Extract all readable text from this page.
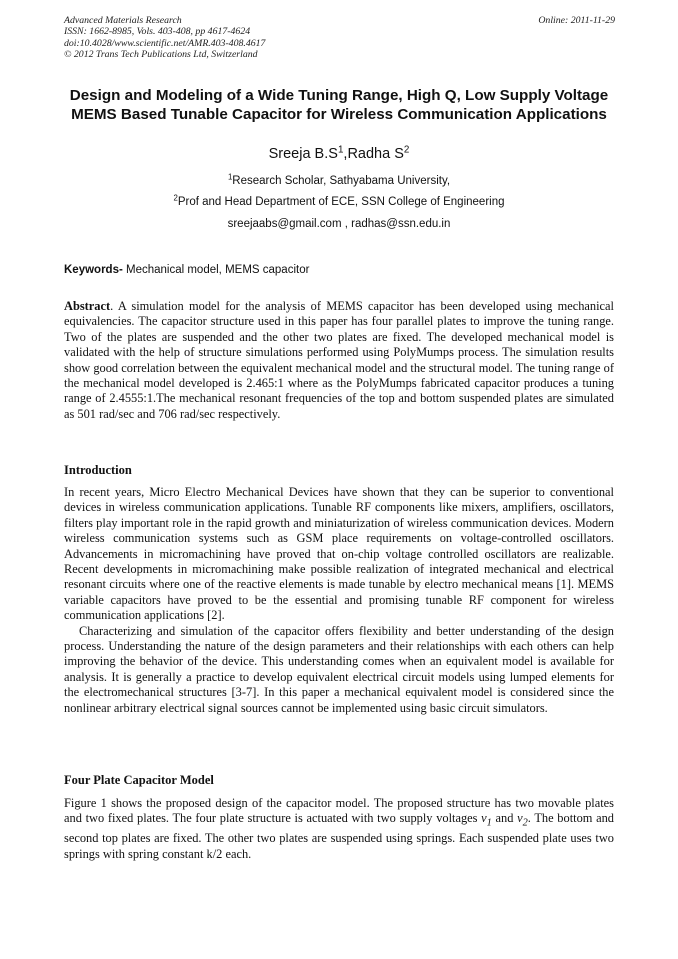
Advanced Materials Research
ISSN: 1662-8985, Vols. 403-408, pp 4617-4624
doi:10.4028/www.scientific.net/AMR.403-408.4617
© 2012 Trans Tech Publications Ltd, Switzerland
Online: 2011-11-29
Design and Modeling of a Wide Tuning Range, High Q, Low Supply Voltage MEMS Based Tunable Capacitor for Wireless Communication Applications
Sreeja $B.S^1,Radha$ $S^2$
$^1$Research Scholar, Sathyabama University,
$^2$Prof and Head Department of ECE, SSN College of Engineering
sreejaabs@gmail.com , radhas@ssn.edu.in
Keywords- Mechanical model, MEMS capacitor

Abstract. A simulation model for the analysis of MEMS capacitor has been developed using mechanical equivalencies. The capacitor structure used in this paper has four parallel plates to improve the tuning range. Two of the plates are suspended and the other two plates are fixed. The developed mechanical model is validated with the help of structure simulations performed using PolyMumps process. The simulation results show good correlation between the equivalent mechanical model and the structural model. The tuning range of the mechanical model developed is 2.465:1 where as the PolyMumps fabricated capacitor produces a tuning range of 2.4555:1.The mechanical resonant frequencies of the top and bottom suspended plates are simulated as 501 rad/sec and 706 rad/sec respectively.

Introduction

In recent years, Micro Electro Mechanical Devices have shown that they can be superior to conventional devices in wireless communication applications. Tunable RF components like mixers, amplifiers, oscillators, filters play important role in the rapid growth and miniaturization of wireless communication devices. Modern wireless communication systems such as GSM place requirements on voltage-controlled oscillators. Advancements in micromachining have proved that on-chip voltage controlled oscillators are realizable. Recent developments in micromachining make possible realization of integrated mechanical and electrical resonant circuits where one of the reactive elements is made tunable by electro mechanical means [1]. MEMS variable capacitors have proved to be the essential and promising tunable RF component for wireless communication applications [2].

Characterizing and simulation of the capacitor offers flexibility and better understanding of the design process. Understanding the nature of the design parameters and their relationships with each others can help improving the behavior of the device. This understanding comes when an equivalent model is available for analysis. It is generally a practice to develop equivalent electrical circuit models using lumped elements for the electromechanical structures [3-7]. In this paper a mechanical equivalent model is considered since the nonlinear arbitrary electrical signal sources cannot be implemented using basic circuit simulators.

Four Plate Capacitor Model

Figure 1 shows the proposed design of the capacitor model. The proposed structure has two movable plates and two fixed plates. The four plate structure is actuated with two supply voltages $v_1$ and $v_2$. The bottom and second top plates are fixed. The other two plates are suspended using springs. Each suspended plate uses two springs with spring constant k/2 each.
